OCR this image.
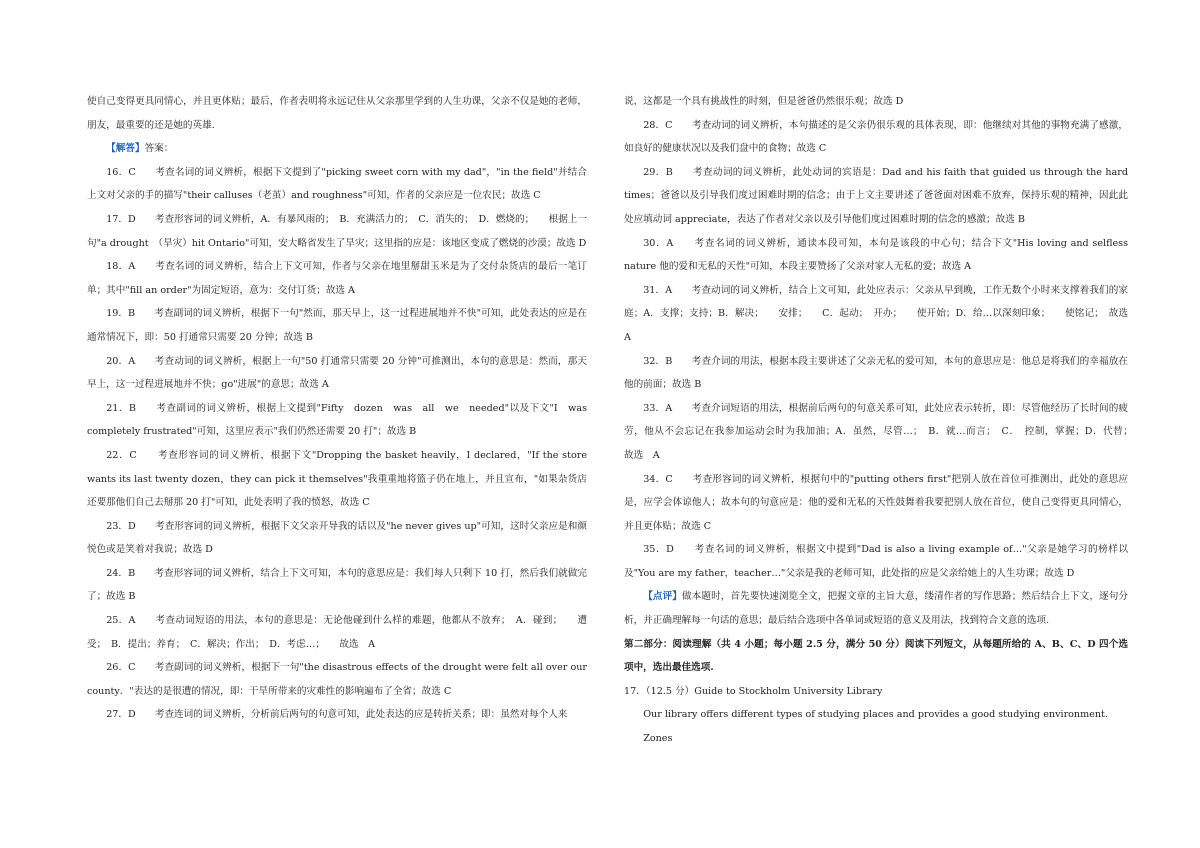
使自己变得更具同情心，并且更体贴；最后，作者表明将永远记住从父亲那里学到的人生功课，父亲不仅是她的老师，朋友，最重要的还是她的英雄.

【解答】答案：

16．C　　考查名词的词义辨析，根据下文提到了"picking sweet corn with my dad"，"in the field"并结合上文对父亲的手的描写"their calluses（老茧）and roughness"可知，作者的父亲应是一位农民；故选 C

17．D　　考查形容词的词义辨析，A．有暴风雨的；　B．充满活力的；　C．消失的；　D．燃烧的；　　根据上一句"a drought　（旱灾）hit Ontario"可知，安大略省发生了旱灾；这里指的应是：该地区变成了燃烧的沙漠；故选 D

18．A　　考查名词的词义辨析，结合上下文可知，作者与父亲在地里掰甜玉米是为了交付杂货店的最后一笔订单；其中"fill an order"为固定短语，意为：交付订货；故选 A

19．B　　考查副词的词义辨析，根据下一句"然而，那天早上，这一过程进展地并不快"可知，此处表达的应是在通常情况下，即：50 打通常只需要 20 分钟；故选 B

20．A　　考查动词的词义辨析，根据上一句"50 打通常只需要 20 分钟"可推测出，本句的意思是：然而，那天早上，这一过程进展地并不快；go"进展"的意思；故选 A

21．B　　考查副词的词义辨析，根据上文提到"Fifty　dozen　was　all　we　needed"以及下文"I　was　completely frustrated"可知，这里应表示"我们仍然还需要 20 打"；故选 B

22．C　　考查形容词的词义辨析，根据下文"Dropping the basket heavily，I declared，"If the store wants its last twenty dozen，they can pick it themselves"我重重地将篮子仍在地上，并且宣布，"如果杂货店还要那他们自己去掰那 20 打"可知，此处表明了我的愤怒，故选 C

23．D　　考查形容词的词义辨析，根据下文父亲开导我的话以及"he never gives up"可知，这时父亲应是和颜悦色或是笑着对我说；故选 D

24．B　　考查形容词的词义辨析，结合上下文可知，本句的意思应是：我们每人只剩下 10 打，然后我们就做完了；故选 B

25．A　　考查动词短语的用法，本句的意思是：无论他碰到什么样的难题，他都从不放弃；　A．碰到；　　遭受；　B．提出；养育；　C．解决；作出；　D．考虑…；　　故选　A

26．C　　考查副词的词义辨析，根据下一句"the disastrous effects of the drought were felt all over our county．"表达的是很遭的情况，即：干旱所带来的灾难性的影响遍布了全省；故选 C

27．D　　考查连词的词义辨析，分析前后两句的句意可知，此处表达的应是转折关系；即：虽然对每个人来

说，这都是一个具有挑战性的时刻，但是爸爸仍然很乐观；故选 D

28．C　　考查动词的词义辨析，本句描述的是父亲仍很乐观的具体表现，即：他继续对其他的事物充满了感激，如良好的健康状况以及我们盘中的食物；故选 C

29．B　　考查动词的词义辨析，此处动词的宾语是：Dad and his faith that guided us through the hard times；爸爸以及引导我们度过困难时期的信念；由于上文主要讲述了爸爸面对困难不放弃，保持乐观的精神，因此此处应填动词 appreciate，表达了作者对父亲以及引导他们度过困难时期的信念的感激；故选 B

30．A　　考查名词的词义辨析，通读本段可知，本句是该段的中心句；结合下文"His loving and selfless nature 他的爱和无私的天性"可知，本段主要赞扬了父亲对家人无私的爱；故选 A

31．A　　考查动词的词义辨析，结合上文可知，此处应表示：父亲从早到晚，工作无数个小时来支撑着我们的家庭；A．支撑；支持；B．解决；　　安排；　　C．起动；　开办；　　使开始；D．给…以深刻印象；　　使铭记；　故选 A

32．B　　考查介词的用法，根据本段主要讲述了父亲无私的爱可知，本句的意思应是：他总是将我们的幸福放在他的前面；故选 B

33．A　　考查介词短语的用法，根据前后两句的句意关系可知，此处应表示转折，即：尽管他经历了长时间的疲劳，他从不会忘记在我参加运动会时为我加油；A．虽然，尽管…；　B．就…而言；　C．　控制，掌握；D．代替；　　故选　A

34．C　　考查形容词的词义辨析，根据句中的"putting others first"把别人放在首位可推测出，此处的意思应是，应学会体谅他人；故本句的句意应是：他的爱和无私的天性鼓舞着我要把别人放在首位，使自己变得更具同情心，并且更体贴；故选 C

35．D　　考查名词的词义辨析，根据文中提到"Dad is also a living example of…"父亲是她学习的榜样以及"You are my father，teacher…"父亲是我的老师可知，此处指的应是父亲给她上的人生功课；故选 D

【点评】做本题时，首先要快速浏览全文，把握文章的主旨大意，缕清作者的写作思路；然后结合上下文，逐句分析，并正确理解每一句话的意思；最后结合选项中各单词或短语的意义及用法，找到符合文意的选项.

第二部分：阅读理解（共 4 小题；每小题 2.5 分，满分 50 分）阅读下列短文，从每题所给的 A、B、C、D 四个选项中，选出最佳选项.

17．（12.5 分）Guide to Stockholm University Library

Our library offers different types of studying places and provides a good studying environment.

Zones
